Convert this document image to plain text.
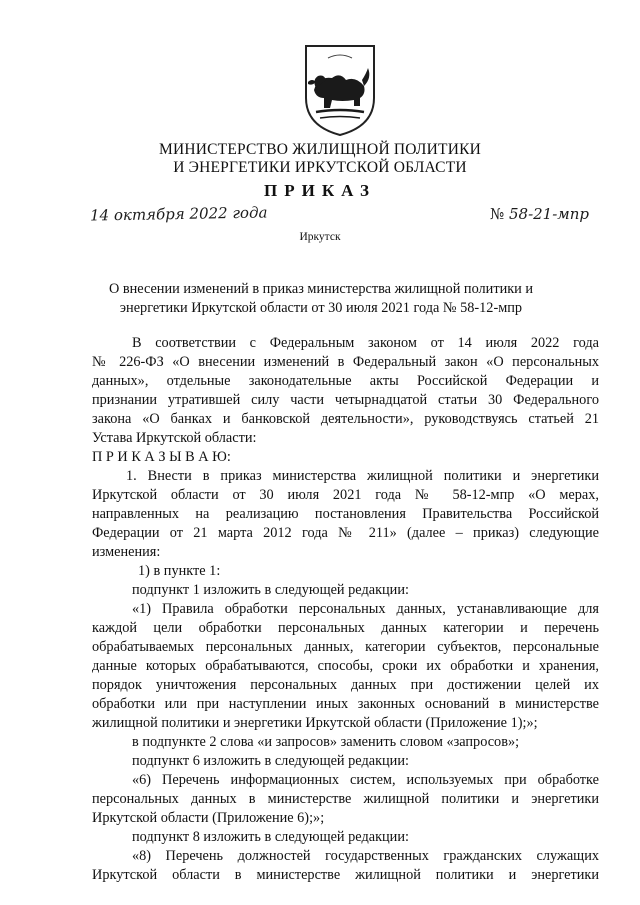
МИНИСТЕРСТВО ЖИЛИЩНОЙ ПОЛИТИКИ
И ЭНЕРГЕТИКИ ИРКУТСКОЙ ОБЛАСТИ
ПРИКАЗ
14 октября 2022 года	№ 58-21-мпр
Иркутск
О внесении изменений в приказ министерства жилищной политики и
энергетики Иркутской области от 30 июля 2021 года № 58-12-мпр
В соответствии с Федеральным законом от 14 июля 2022 года
№ 226-ФЗ «О внесении изменений в Федеральный закон «О персональных
данных», отдельные законодательные акты Российской Федерации и
признании утратившей силу части четырнадцатой статьи 30 Федерального
закона «О банках и банковской деятельности», руководствуясь статьей 21
Устава Иркутской области:
П Р И К А З Ы В А Ю:
1. Внести в приказ министерства жилищной политики и энергетики
Иркутской области от 30 июля 2021 года № 58-12-мпр «О мерах,
направленных на реализацию постановления Правительства Российской
Федерации от 21 марта 2012 года № 211» (далее – приказ) следующие
изменения:
1) в пункте 1:
подпункт 1 изложить в следующей редакции:
«1) Правила обработки персональных данных, устанавливающие для
каждой цели обработки персональных данных категории и перечень
обрабатываемых персональных данных, категории субъектов, персональные
данные которых обрабатываются, способы, сроки их обработки и хранения,
порядок уничтожения персональных данных при достижении целей их
обработки или при наступлении иных законных оснований в министерстве
жилищной политики и энергетики Иркутской области (Приложение 1);»;
в подпункте 2 слова «и запросов» заменить словом «запросов»;
подпункт 6 изложить в следующей редакции:
«6) Перечень информационных систем, используемых при обработке
персональных данных в министерстве жилищной политики и энергетики
Иркутской области (Приложение 6);»;
подпункт 8 изложить в следующей редакции:
«8) Перечень должностей государственных гражданских служащих
Иркутской области в министерстве жилищной политики и энергетики
